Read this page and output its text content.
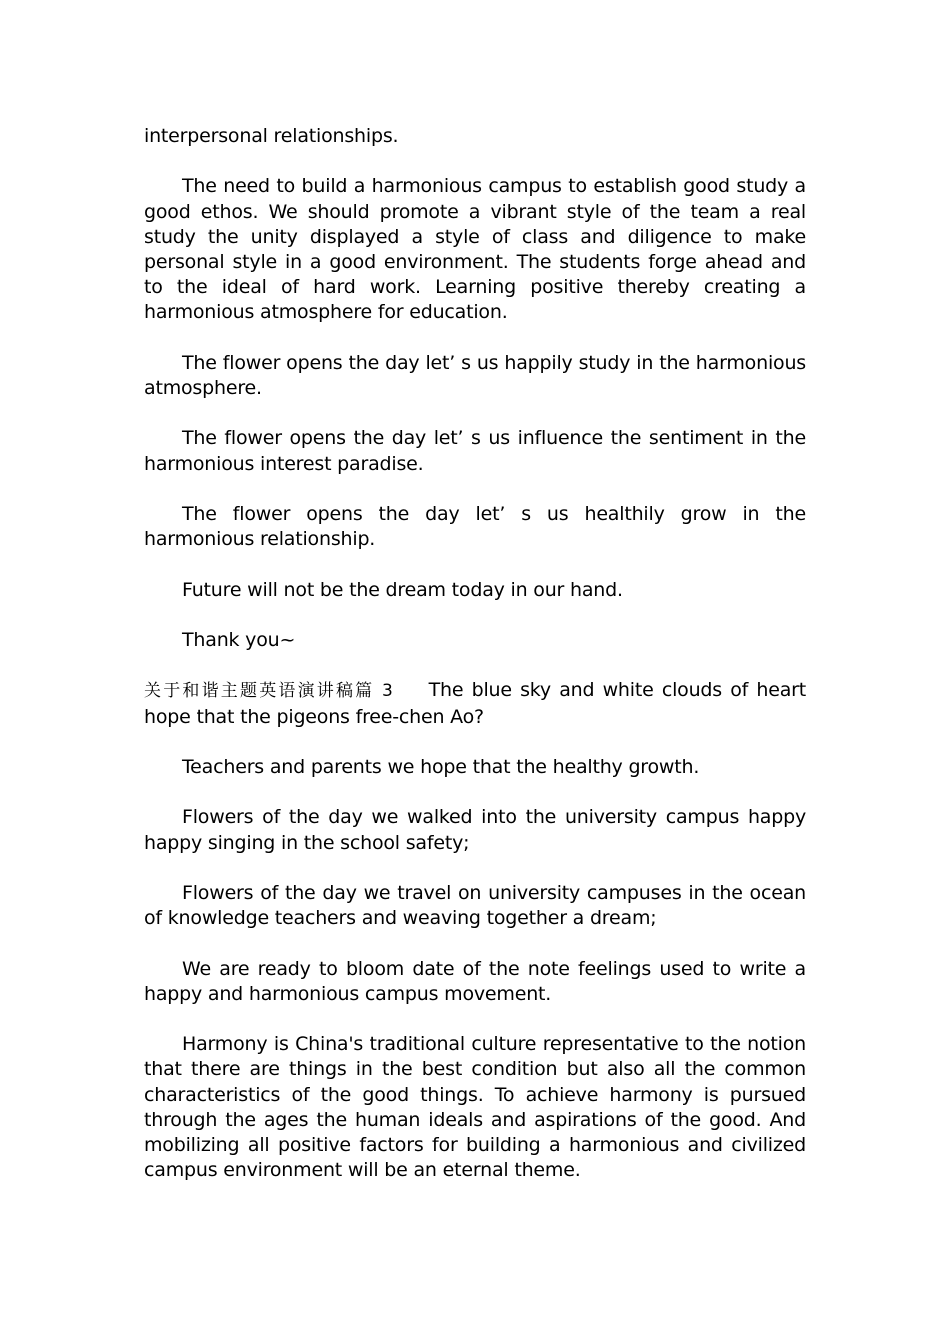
interpersonal relationships.

The need to build a harmonious campus to establish good study a good ethos. We should promote a vibrant style of the team a real study the unity displayed a style of class and diligence to make personal style in a good environment. The students forge ahead and to the ideal of hard work. Learning positive thereby creating a harmonious atmosphere for education.

The flower opens the day let’ s us happily study in the harmonious atmosphere.

The flower opens the day let’ s us influence the sentiment in the harmonious interest paradise.

The flower opens the day let’ s us healthily grow in the harmonious relationship.

Future will not be the dream today in our hand.

Thank you~

关于和谐主题英语演讲稿篇 3 The blue sky and white clouds of heart hope that the pigeons free-chen Ao?

Teachers and parents we hope that the healthy growth.

Flowers of the day we walked into the university campus happy happy singing in the school safety;

Flowers of the day we travel on university campuses in the ocean of knowledge teachers and weaving together a dream;

We are ready to bloom date of the note feelings used to write a happy and harmonious campus movement.

Harmony is China's traditional culture representative to the notion that there are things in the best condition but also all the common characteristics of the good things. To achieve harmony is pursued through the ages the human ideals and aspirations of the good. And mobilizing all positive factors for building a harmonious and civilized campus environment will be an eternal theme.
